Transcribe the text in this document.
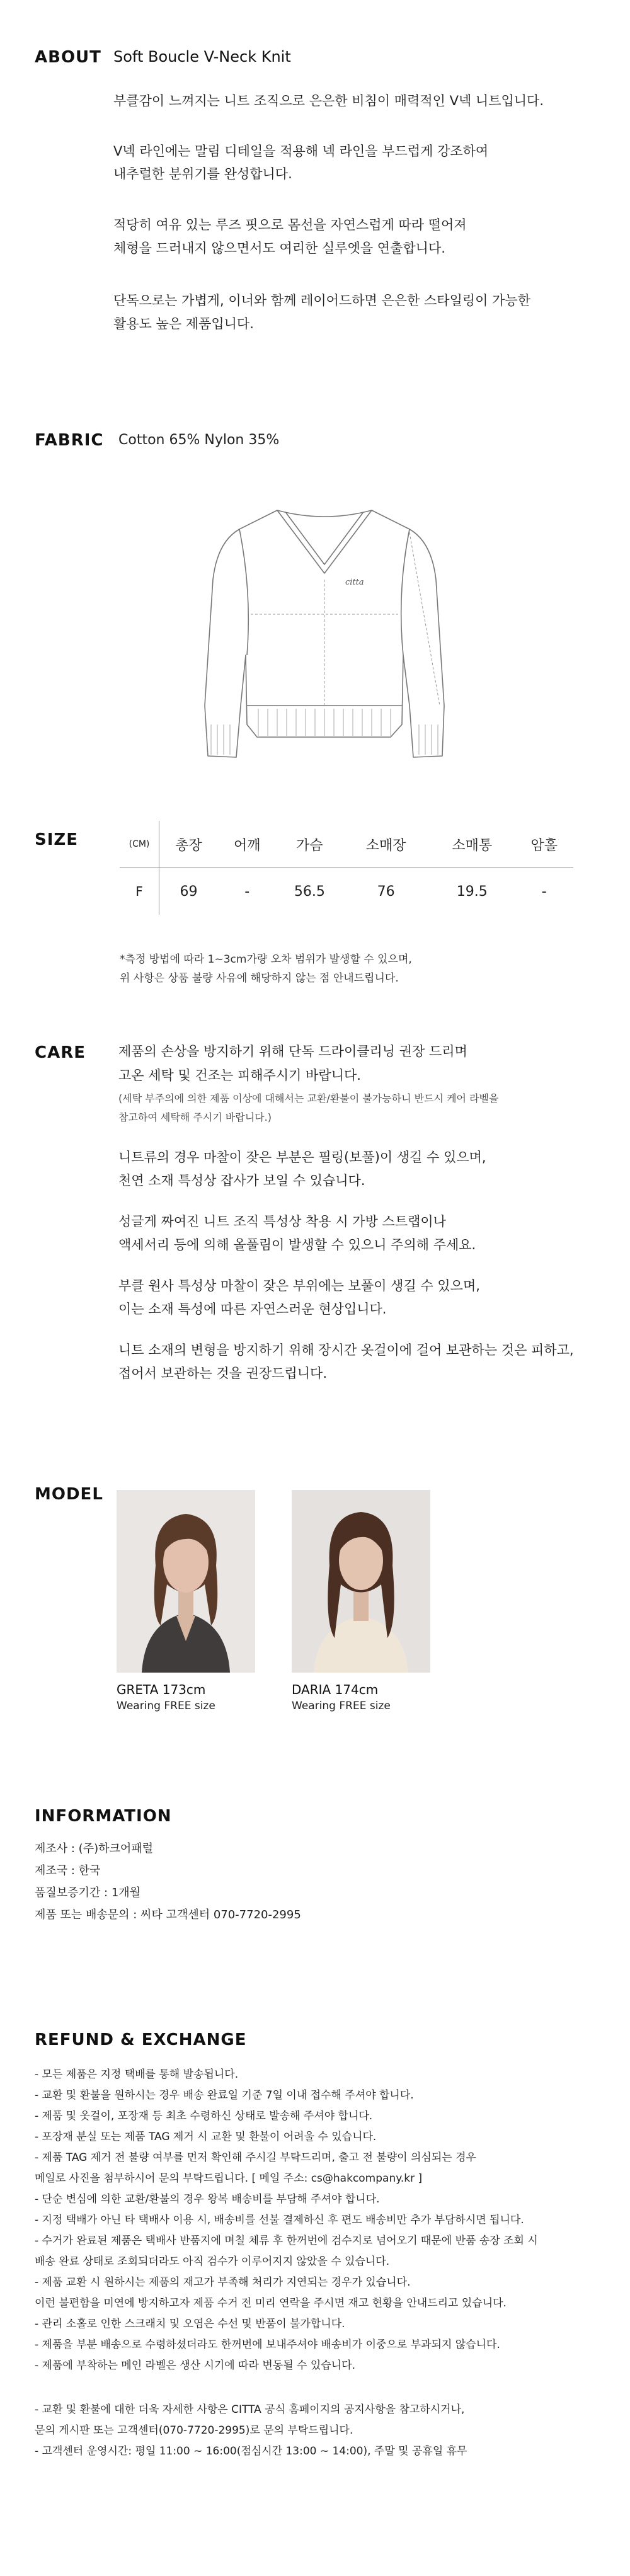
ABOUT Soft Boucle V-Neck Knit

부클감이 느껴지는 니트 조직으로 은은한 비침이 매력적인 V넥 니트입니다.

V넥 라인에는 말림 디테일을 적용해 넥 라인을 부드럽게 강조하여

내추럴한 분위기를 완성합니다.

적당히 여유 있는 루즈 핏으로 몸선을 자연스럽게 따라 떨어져

체형을 드러내지 않으면서도 여리한 실루엣을 연출합니다.

단독으로는 가볍게, 이너와 함께 레이어드하면 은은한 스타일링이 가능한

활용도 높은 제품입니다.

FABRIC Cotton 65% Nylon 35%
citta
SIZE	(CM)	총장	어깨	가슴	소매장	소매통	암홀
F	69	-	56.5	76	19.5	-

*측정 방법에 따라 1~3cm가량 오차 범위가 발생할 수 있으며,

위 사항은 상품 불량 사유에 해당하지 않는 점 안내드립니다.

CARE 제품의 손상을 방지하기 위해 단독 드라이클리닝 권장 드리며

고온 세탁 및 건조는 피해주시기 바랍니다.

(세탁 부주의에 의한 제품 이상에 대해서는 교환/환불이 불가능하니 반드시 케어 라벨을

참고하여 세탁해 주시기 바랍니다.)

니트류의 경우 마찰이 잦은 부분은 필링(보풀)이 생길 수 있으며,

천연 소재 특성상 잡사가 보일 수 있습니다.

성글게 짜여진 니트 조직 특성상 착용 시 가방 스트랩이나

액세서리 등에 의해 올풀림이 발생할 수 있으니 주의해 주세요.

부클 원사 특성상 마찰이 잦은 부위에는 보풀이 생길 수 있으며,

이는 소재 특성에 따른 자연스러운 현상입니다.

니트 소재의 변형을 방지하기 위해 장시간 옷걸이에 걸어 보관하는 것은 피하고,

접어서 보관하는 것을 권장드립니다.

MODEL
GRETA 173cm
Wearing FREE size
DARIA 174cm
Wearing FREE size
INFORMATION
제조사 : (주)하크어패럴
제조국 : 한국
품질보증기간 : 1개월
제품 또는 배송문의 : 씨타 고객센터 070-7720-2995
REFUND & EXCHANGE
- 모든 제품은 지정 택배를 통해 발송됩니다.
- 교환 및 환불을 원하시는 경우 배송 완료일 기준 7일 이내 접수해 주셔야 합니다.
- 제품 및 옷걸이, 포장재 등 최초 수령하신 상태로 발송해 주셔야 합니다.
- 포장재 분실 또는 제품 TAG 제거 시 교환 및 환불이 어려울 수 있습니다.
- 제품 TAG 제거 전 불량 여부를 먼저 확인해 주시길 부탁드리며, 출고 전 불량이 의심되는 경우
메일로 사진을 첨부하시어 문의 부탁드립니다. [ 메일 주소: cs@hakcompany.kr ]
- 단순 변심에 의한 교환/환불의 경우 왕복 배송비를 부담해 주셔야 합니다.
- 지정 택배가 아닌 타 택배사 이용 시, 배송비를 선불 결제하신 후 편도 배송비만 추가 부담하시면 됩니다.
- 수거가 완료된 제품은 택배사 반품지에 며칠 체류 후 한꺼번에 검수지로 넘어오기 때문에 반품 송장 조회 시
배송 완료 상태로 조회되더라도 아직 검수가 이루어지지 않았을 수 있습니다.
- 제품 교환 시 원하시는 제품의 재고가 부족해 처리가 지연되는 경우가 있습니다.
이런 불편함을 미연에 방지하고자 제품 수거 전 미리 연락을 주시면 재고 현황을 안내드리고 있습니다.
- 관리 소홀로 인한 스크래치 및 오염은 수선 및 반품이 불가합니다.
- 제품을 부분 배송으로 수령하셨더라도 한꺼번에 보내주셔야 배송비가 이중으로 부과되지 않습니다.
- 제품에 부착하는 메인 라벨은 생산 시기에 따라 변동될 수 있습니다.
- 교환 및 환불에 대한 더욱 자세한 사항은 CITTA 공식 홈페이지의 공지사항을 참고하시거나,
문의 게시판 또는 고객센터(070-7720-2995)로 문의 부탁드립니다.
- 고객센터 운영시간: 평일 11:00 ~ 16:00(점심시간 13:00 ~ 14:00), 주말 및 공휴일 휴무
